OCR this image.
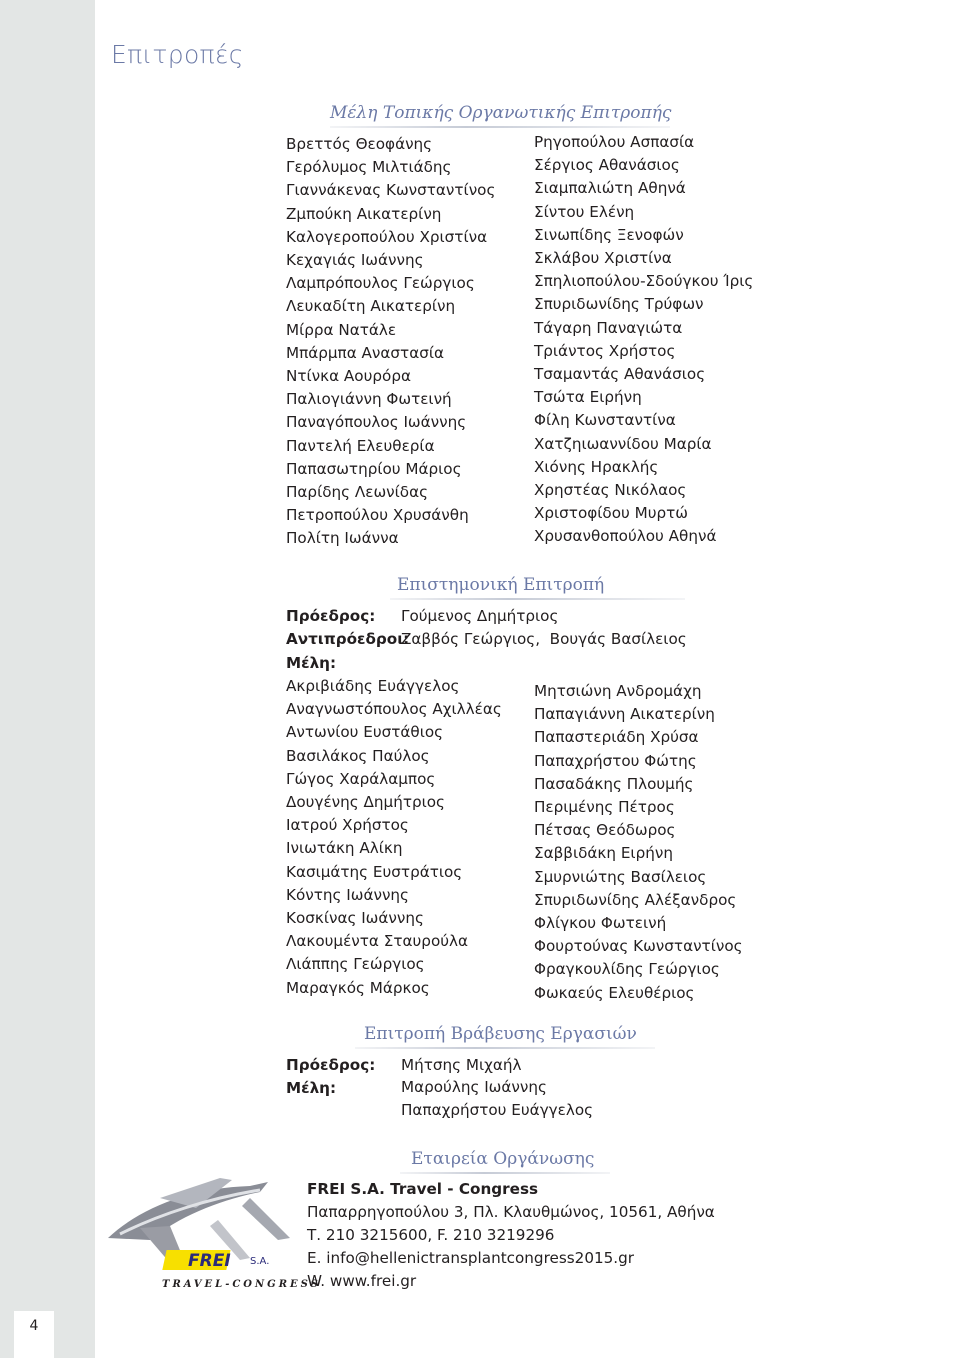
4
Επιτροπές
Μέλη Τοπικής Οργανωτικής Επιτροπής
Βρεττός Θεοφάνης
Γερόλυμος Μιλτιάδης
Γιαννάκενας Κωνσταντίνος
Ζμπούκη Αικατερίνη
Καλογεροπούλου Χριστίνα
Κεχαγιάς Ιωάννης
Λαμπρόπουλος Γεώργιος
Λευκαδίτη Αικατερίνη
Μίρρα Νατάλε
Μπάρμπα Αναστασία
Ντίνκα Αουρόρα
Παλιογιάννη Φωτεινή
Παναγόπουλος Ιωάννης
Παντελή Ελευθερία
Παπασωτηρίου Μάριος
Παρίδης Λεωνίδας
Πετροπούλου Χρυσάνθη
Πολίτη Ιωάννα
Ρηγοπούλου Ασπασία
Σέργιος Αθανάσιος
Σιαμπαλιώτη Αθηνά
Σίντου Ελένη
Σινωπίδης Ξενοφών
Σκλάβου Χριστίνα
Σπηλιοπούλου-Σδούγκου Ίρις
Σπυριδωνίδης Τρύφων
Τάγαρη Παναγιώτα
Τριάντος Χρήστος
Τσαμαντάς Αθανάσιος
Τσώτα Ειρήνη
Φίλη Κωνσταντίνα
Χατζηιωαννίδου Μαρία
Χιόνης Ηρακλής
Χρηστέας Νικόλαος
Χριστοφίδου Μυρτώ
Χρυσανθοπούλου Αθηνά
Επιστημονική Επιτροπή
Πρόεδρος: Γούμενος Δημήτριος
Αντιπρόεδροι:
Ζαββός Γεώργιος,  Βουγάς Βασίλειος
Μέλη:
Ακριβιάδης Ευάγγελος
Αναγνωστόπουλος Αχιλλέας
Αντωνίου Ευστάθιος
Βασιλάκος Παύλος
Γώγος Χαράλαμπος
Δουγένης Δημήτριος
Ιατρού Χρήστος
Ινιωτάκη Αλίκη
Κασιμάτης Ευστράτιος
Κόντης Ιωάννης
Κοσκίνας Ιωάννης
Λακουμέντα Σταυρούλα
Λιάππης Γεώργιος
Μαραγκός Μάρκος
Μητσιώνη Ανδρομάχη
Παπαγιάννη Αικατερίνη
Παπαστεριάδη Χρύσα
Παπαχρήστου Φώτης
Πασαδάκης Πλουμής
Περιμένης Πέτρος
Πέτσας Θεόδωρος
Σαββιδάκη Ειρήνη
Σμυρνιώτης Βασίλειος
Σπυριδωνίδης Αλέξανδρος
Φλίγκου Φωτεινή
Φουρτούνας Κωνσταντίνος
Φραγκουλίδης Γεώργιος
Φωκαεύς Ελευθέριος
Επιτροπή Βράβευσης Εργασιών
Πρόεδρος: Μήτσης Μιχαήλ
Μέλη:	Μαρούλης Ιωάννης
Παπαχρήστου Ευάγγελος
Εταιρεία Οργάνωσης
FREI S.A.
TRAVEL-CONGRESS
FREI S.A. Travel - Congress
Παπαρρηγοπούλου 3, Πλ. Κλαυθμώνος, 10561, Αθήνα
Τ. 210 3215600, F. 210 3219296
E. info@hellenictransplantcongress2015.gr
W. www.frei.gr
